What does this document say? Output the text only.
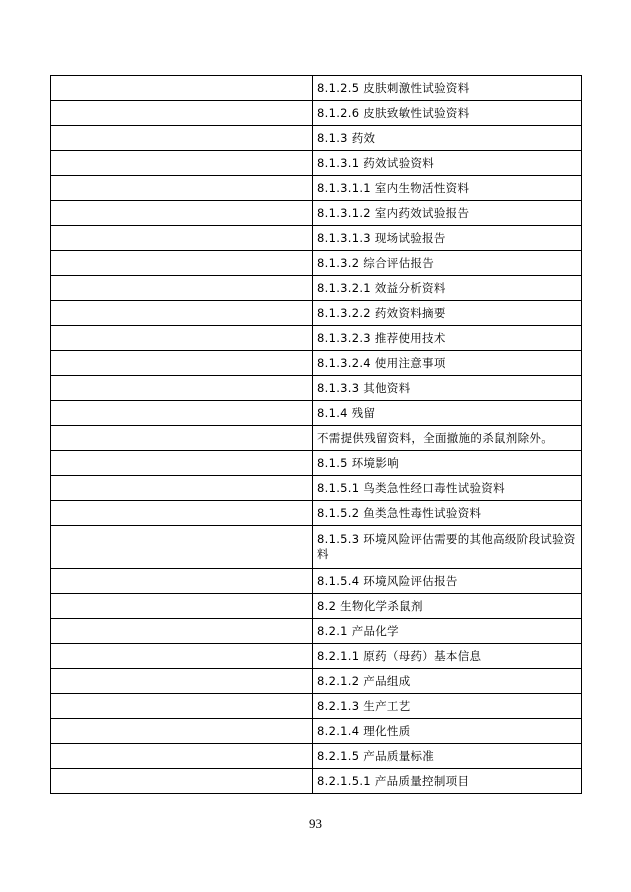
	8.1.2.5 皮肤刺激性试验资料
	8.1.2.6 皮肤致敏性试验资料
	8.1.3 药效
	8.1.3.1 药效试验资料
	8.1.3.1.1 室内生物活性资料
	8.1.3.1.2 室内药效试验报告
	8.1.3.1.3 现场试验报告
	8.1.3.2 综合评估报告
	8.1.3.2.1 效益分析资料
	8.1.3.2.2 药效资料摘要
	8.1.3.2.3 推荐使用技术
	8.1.3.2.4 使用注意事项
	8.1.3.3 其他资料
	8.1.4 残留
	不需提供残留资料，全面撤施的杀鼠剂除外。
	8.1.5 环境影响
	8.1.5.1 鸟类急性经口毒性试验资料
	8.1.5.2 鱼类急性毒性试验资料
	8.1.5.3 环境风险评估需要的其他高级阶段试验资料
	8.1.5.4 环境风险评估报告
	8.2 生物化学杀鼠剂
	8.2.1 产品化学
	8.2.1.1 原药（母药）基本信息
	8.2.1.2 产品组成
	8.2.1.3 生产工艺
	8.2.1.4 理化性质
	8.2.1.5 产品质量标准
	8.2.1.5.1 产品质量控制项目
93
